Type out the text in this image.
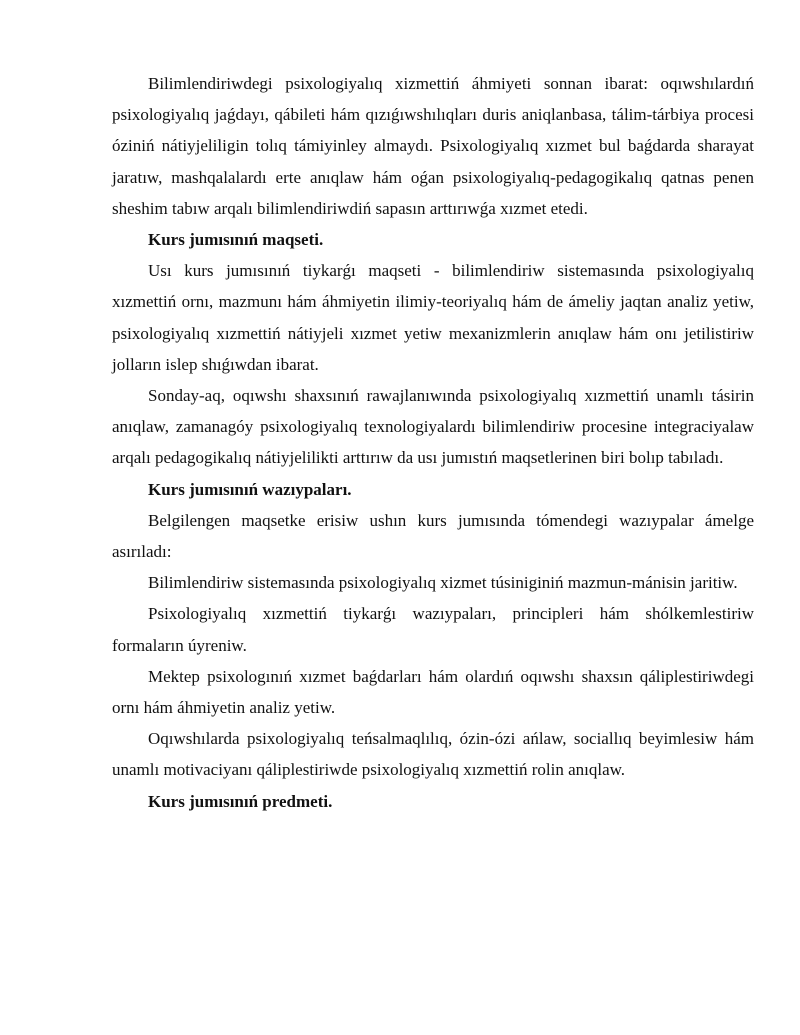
Bilimlendiriwdegi psixologiyalıq xizmettiń áhmiyeti sonnan ibarat: oqıwshılardıń psixologiyalıq jaǵdayı, qábileti hám qızıǵıwshılıqları duris aniqlanbasa, tálim-tárbiya procesi óziniń nátiyjeliligin tolıq támiyinley almaydı. Psixologiyalıq xızmet bul baǵdarda sharayat jaratıw, mashqalalardı erte anıqlaw hám oǵan psixologiyalıq-pedagogikalıq qatnas penen sheshim tabıw arqalı bilimlendiriwdiń sapasın arttırıwǵa xızmet etedi.

Kurs jumısınıń maqseti.

Usı kurs jumısınıń tiykarǵı maqseti - bilimlendiriw sistemasında psixologiyalıq xızmettiń ornı, mazmunı hám áhmiyetin ilimiy-teoriyalıq hám de ámeliy jaqtan analiz yetiw, psixologiyalıq xızmettiń nátiyjeli xızmet yetiw mexanizmlerin anıqlaw hám onı jetilistiriw jolların islep shıǵıwdan ibarat.

Sonday-aq, oqıwshı shaxsınıń rawajlanıwında psixologiyalıq xızmettiń unamlı tásirin anıqlaw, zamanagóy psixologiyalıq texnologiyalardı bilimlendiriw procesine integraciyalaw arqalı pedagogikalıq nátiyjelilikti arttırıw da usı jumıstıń maqsetlerinen biri bolıp tabıladı.

Kurs jumısınıń wazıypaları.

Belgilengen maqsetke erisiw ushın kurs jumısında tómendegi wazıypalar ámelge asırıladı:

Bilimlendiriw sistemasında psixologiyalıq xizmet túsiniginiń mazmun-mánisin jaritiw.

Psixologiyalıq xızmettiń tiykarǵı wazıypaları, principleri hám shólkemlestiriw formaların úyreniw.

Mektep psixologınıń xızmet baǵdarları hám olardıń oqıwshı shaxsın qáliplestiriwdegi ornı hám áhmiyetin analiz yetiw.

Oqıwshılarda psixologiyalıq teńsalmaqlılıq, ózin-ózi ańlaw, sociallıq beyimlesiw hám unamlı motivaciyanı qáliplestiriwde psixologiyalıq xızmettiń rolin anıqlaw.

Kurs jumısınıń predmeti.
